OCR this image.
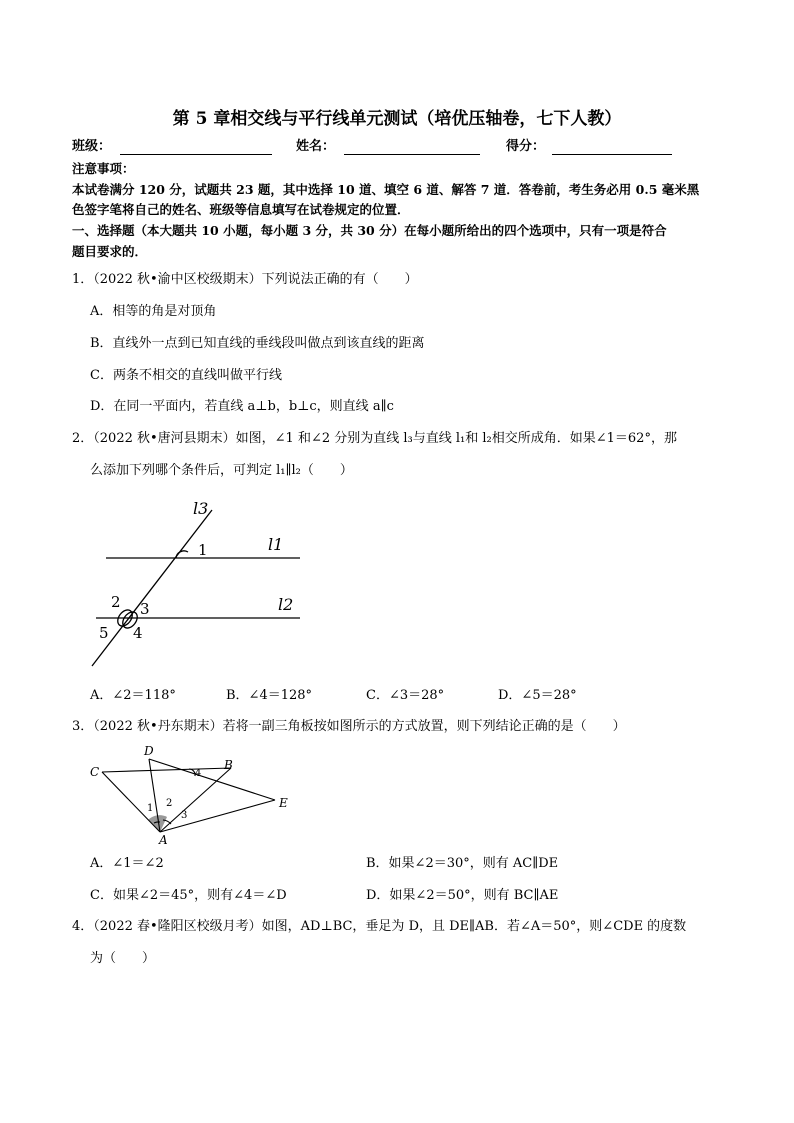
第 5 章相交线与平行线单元测试（培优压轴卷，七下人教）
班级：	姓名：	得分：
注意事项：
本试卷满分 120 分，试题共 23 题，其中选择 10 道、填空 6 道、解答 7 道．答卷前，考生务必用 0.5 毫米黑
色签字笔将自己的姓名、班级等信息填写在试卷规定的位置．
一、选择题（本大题共 10 小题，每小题 3 分，共 30 分）在每小题所给出的四个选项中，只有一项是符合
题目要求的．
1．（2022 秋•渝中区校级期末）下列说法正确的有（　　）
A．相等的角是对顶角
B．直线外一点到已知直线的垂线段叫做点到该直线的距离
C．两条不相交的直线叫做平行线
D．在同一平面内，若直线 a⊥b，b⊥c，则直线 a∥c
2．（2022 秋•唐河县期末）如图，∠1 和∠2 分别为直线 l₃与直线 l₁和 l₂相交所成角．如果∠1＝62°，那
么添加下列哪个条件后，可判定 l₁∥l₂（　　）
l3
l1
l2
1
2 3
4
5
A．∠2＝118°	B．∠4＝128°	C．∠3＝28°	D．∠5＝28°
3．（2022 秋•丹东期末）若将一副三角板按如图所示的方式放置，则下列结论正确的是（　　）
D
C	B
E
A
1 2
3
4
A．∠1＝∠2	B．如果∠2＝30°，则有 AC∥DE
C．如果∠2＝45°，则有∠4＝∠D	D．如果∠2＝50°，则有 BC∥AE
4．（2022 春•隆阳区校级月考）如图，AD⊥BC，垂足为 D，且 DE∥AB．若∠A＝50°，则∠CDE 的度数
为（　　）
